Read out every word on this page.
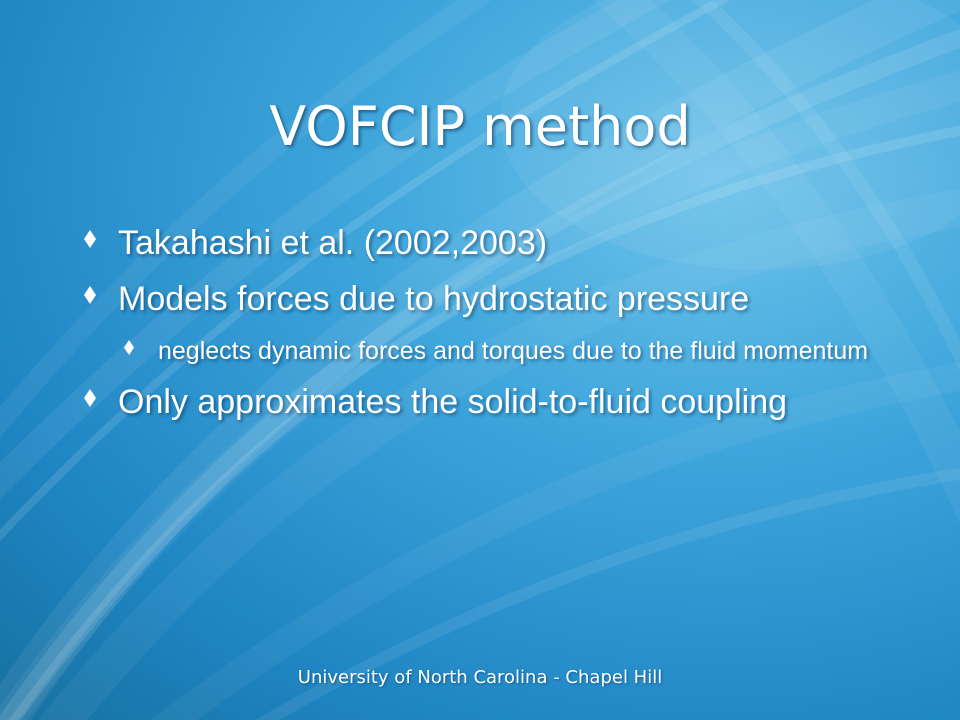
VOFCIP method
Takahashi et al. (2002,2003)
Models forces due to hydrostatic pressure
neglects dynamic forces and torques due to the fluid momentum
Only approximates the solid-to-fluid coupling
University of North Carolina - Chapel Hill
